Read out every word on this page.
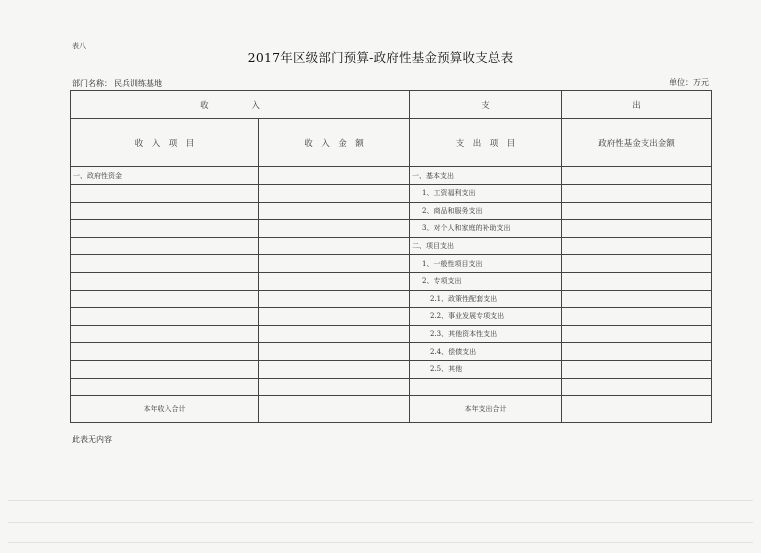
表八
2017年区级部门预算-政府性基金预算收支总表
部门名称： 民兵训练基地	单位：万元
收 入		支	出
收　入　项　目	收　入　金　额	支　出　项　目	政府性基金支出金额
一、政府性资金		一、基本支出	
		1、工资福利支出	
		2、商品和服务支出	
		3、对个人和家庭的补助支出	
		二、项目支出	
		1、一般性项目支出	
		2、专项支出	
		2.1、政策性配套支出	
		2.2、事业发展专项支出	
		2.3、其他资本性支出	
		2.4、偿债支出	
		2.5、其他	

本年收入合计		本年支出合计	
此表无内容
